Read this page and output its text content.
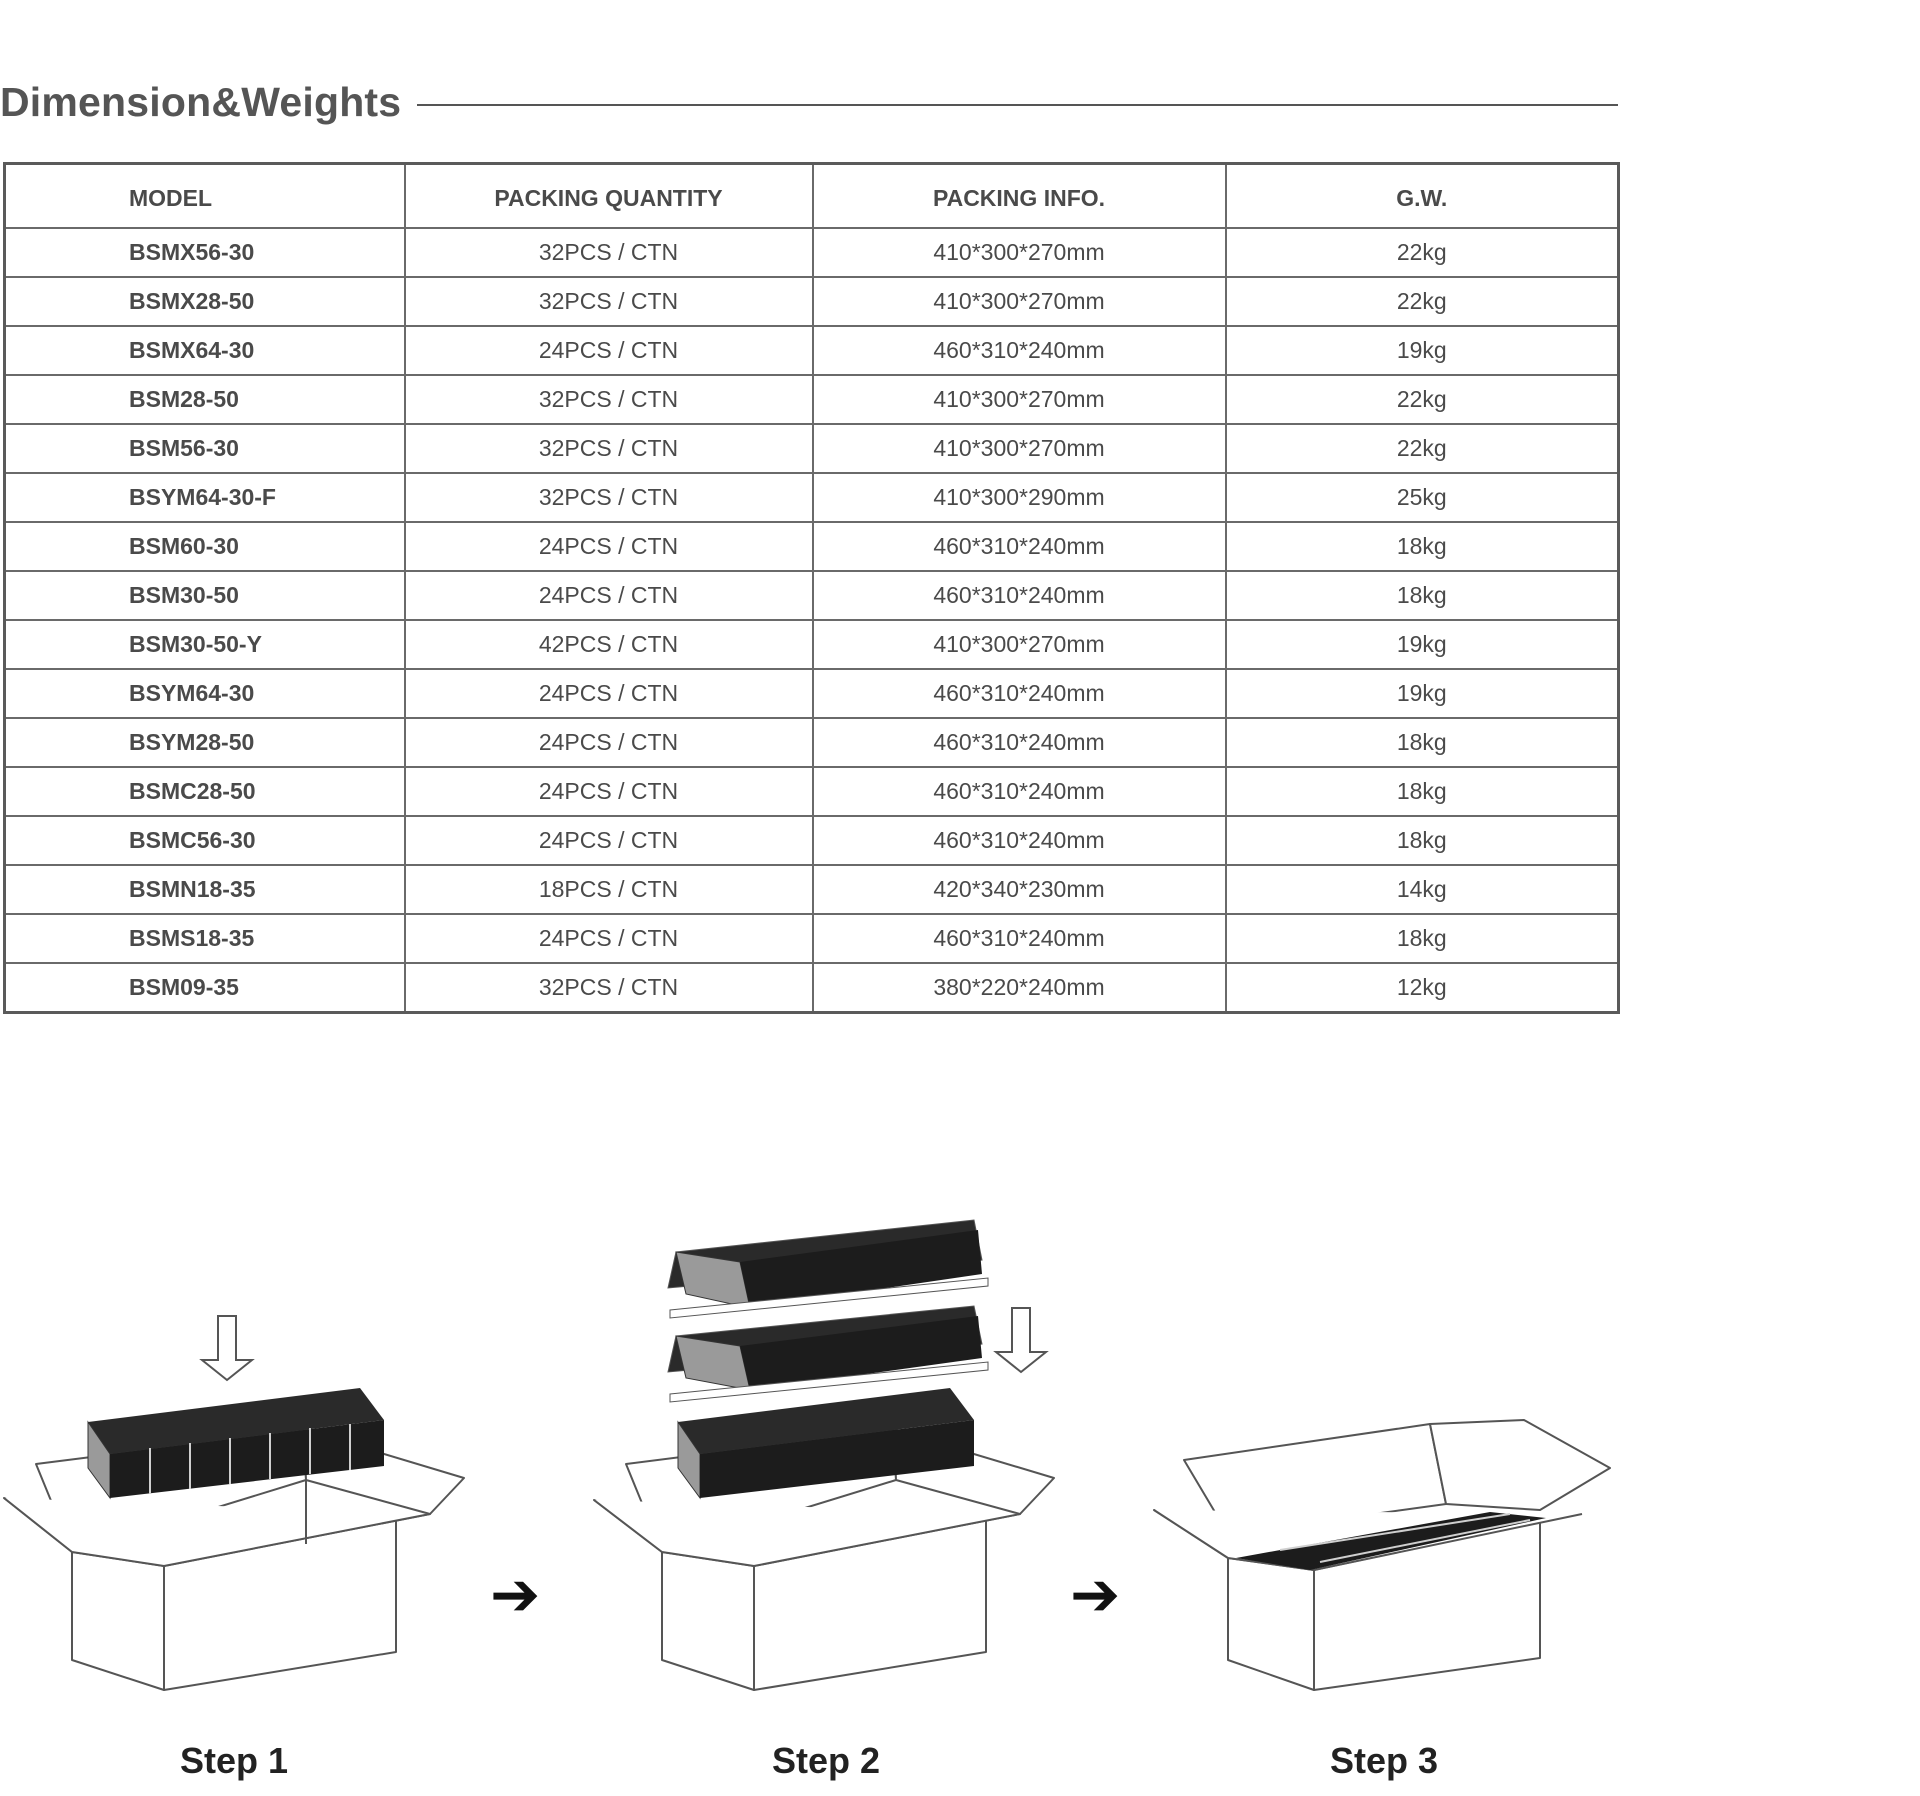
Dimension&Weights
MODEL	PACKING QUANTITY	PACKING INFO.	G.W.
BSMX56-30	32PCS / CTN	410*300*270mm	22kg
BSMX28-50	32PCS / CTN	410*300*270mm	22kg
BSMX64-30	24PCS / CTN	460*310*240mm	19kg
BSM28-50	32PCS / CTN	410*300*270mm	22kg
BSM56-30	32PCS / CTN	410*300*270mm	22kg
BSYM64-30-F	32PCS / CTN	410*300*290mm	25kg
BSM60-30	24PCS / CTN	460*310*240mm	18kg
BSM30-50	24PCS / CTN	460*310*240mm	18kg
BSM30-50-Y	42PCS / CTN	410*300*270mm	19kg
BSYM64-30	24PCS / CTN	460*310*240mm	19kg
BSYM28-50	24PCS / CTN	460*310*240mm	18kg
BSMC28-50	24PCS / CTN	460*310*240mm	18kg
BSMC56-30	24PCS / CTN	460*310*240mm	18kg
BSMN18-35	18PCS / CTN	420*340*230mm	14kg
BSMS18-35	24PCS / CTN	460*310*240mm	18kg
BSM09-35	32PCS / CTN	380*220*240mm	12kg
➔	➔
Step 1	Step 2	Step 3
